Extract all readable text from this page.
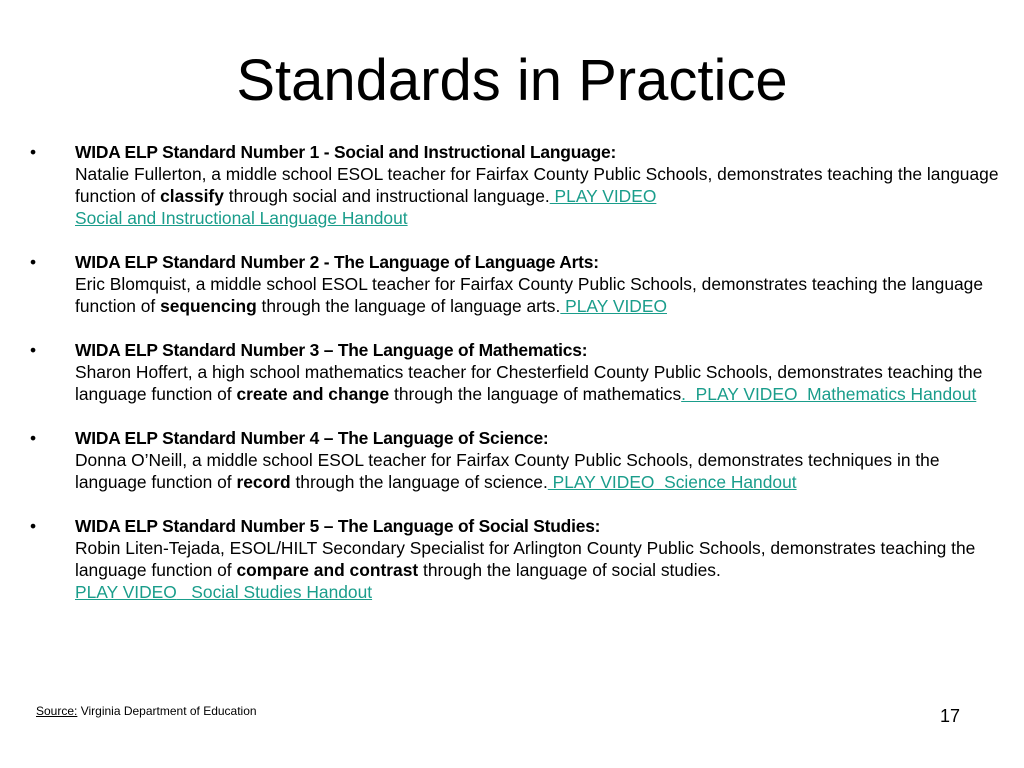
Standards in Practice
• WIDA ELP Standard Number 1 - Social and Instructional Language:
Natalie Fullerton, a middle school ESOL teacher for Fairfax County Public Schools, demonstrates teaching the language function of classify through social and instructional language. PLAY VIDEO
Social and Instructional Language Handout
• WIDA ELP Standard Number 2 - The Language of Language Arts:
Eric Blomquist, a middle school ESOL teacher for Fairfax County Public Schools, demonstrates teaching the language function of sequencing through the language of language arts. PLAY VIDEO
• WIDA ELP Standard Number 3 – The Language of Mathematics:
Sharon Hoffert, a high school mathematics teacher for Chesterfield County Public Schools, demonstrates teaching the language function of create and change through the language of mathematics.  PLAY VIDEO  Mathematics Handout
• WIDA ELP Standard Number 4 – The Language of Science:
Donna O’Neill, a middle school ESOL teacher for Fairfax County Public Schools, demonstrates techniques in the language function of record through the language of science. PLAY VIDEO  Science Handout
• WIDA ELP Standard Number 5 – The Language of Social Studies:
Robin Liten-Tejada, ESOL/HILT Secondary Specialist for Arlington County Public Schools, demonstrates teaching the language function of compare and contrast through the language of social studies.
PLAY VIDEO   Social Studies Handout
Source: Virginia Department of Education	17
